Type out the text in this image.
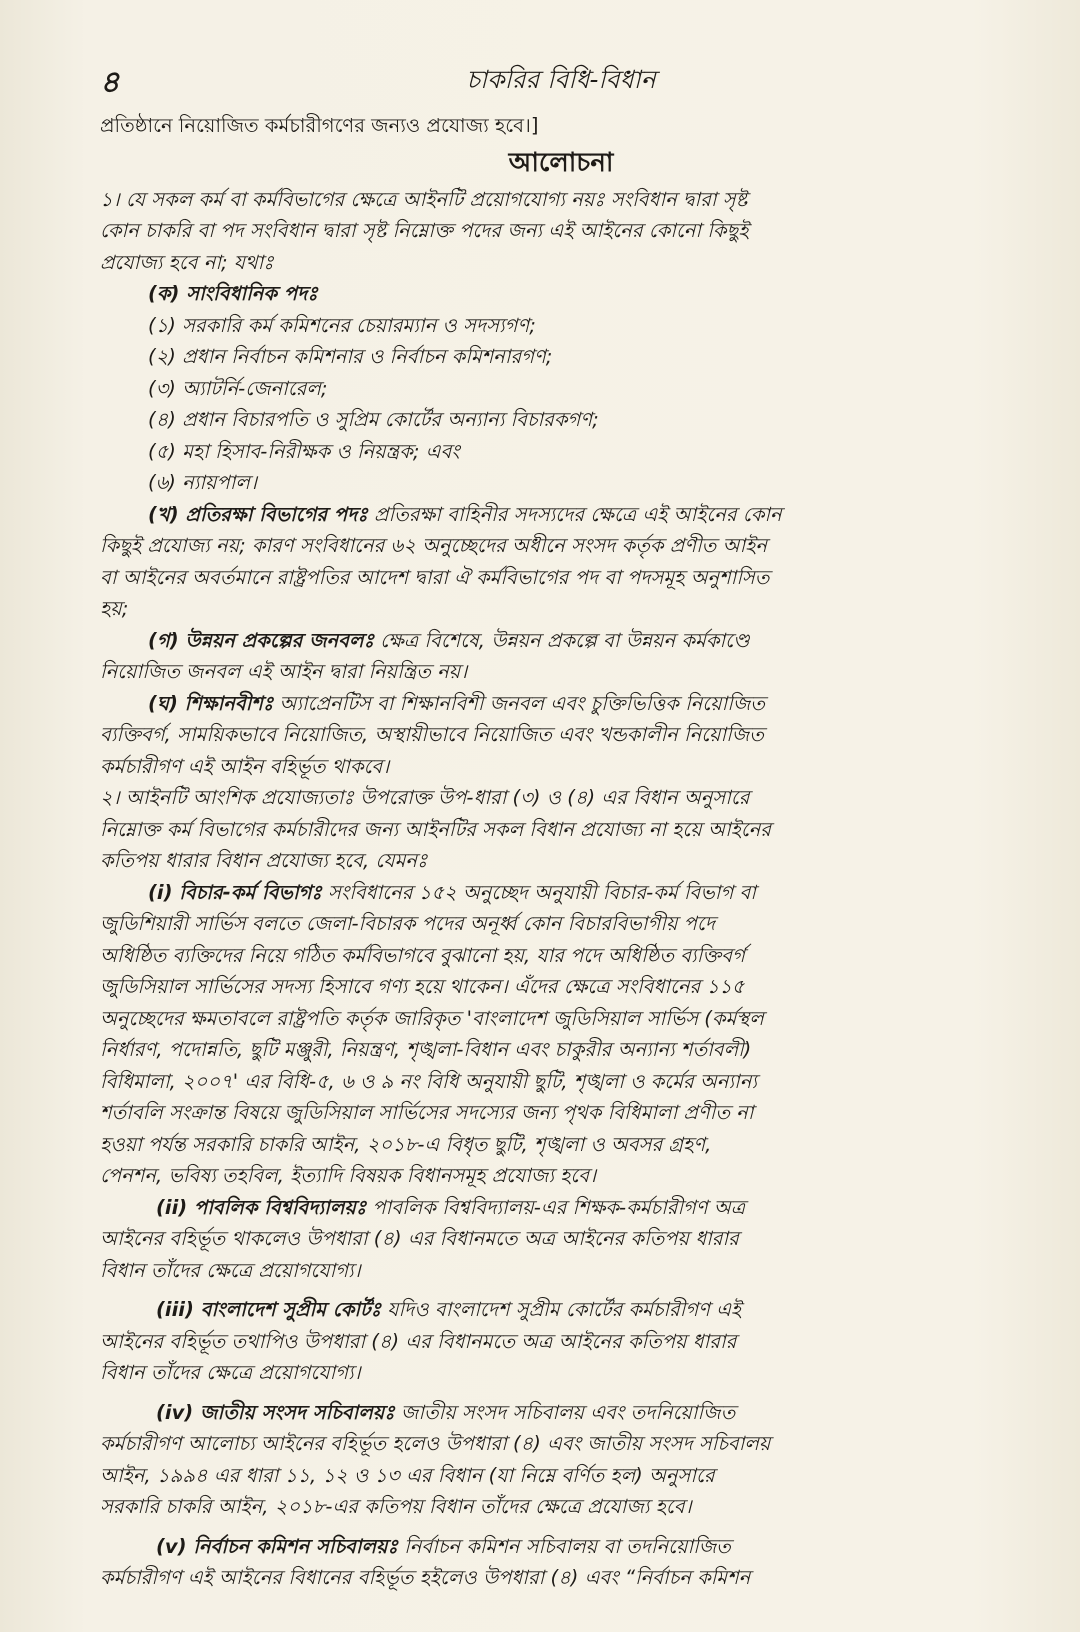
৪	চাকরির বিধি-বিধান
প্রতিষ্ঠানে নিয়োজিত কর্মচারীগণের জন্যও প্রযোজ্য হবে।]
আলোচনা
১। যে সকল কর্ম বা কর্মবিভাগের ক্ষেত্রে আইনটি প্রয়োগযোগ্য নয়ঃ সংবিধান দ্বারা সৃষ্ট
কোন চাকরি বা পদ সংবিধান দ্বারা সৃষ্ট নিম্নোক্ত পদের জন্য এই আইনের কোনো কিছুই
প্রযোজ্য হবে না; যথাঃ
(ক) সাংবিধানিক পদঃ
(১) সরকারি কর্ম কমিশনের চেয়ারম্যান ও সদস্যগণ;
(২) প্রধান নির্বাচন কমিশনার ও নির্বাচন কমিশনারগণ;
(৩) অ্যাটর্নি-জেনারেল;
(৪) প্রধান বিচারপতি ও সুপ্রিম কোর্টের অন্যান্য বিচারকগণ;
(৫) মহা হিসাব-নিরীক্ষক ও নিয়ন্ত্রক; এবং
(৬) ন্যায়পাল।
(খ) প্রতিরক্ষা বিভাগের পদঃ প্রতিরক্ষা বাহিনীর সদস্যদের ক্ষেত্রে এই আইনের কোন
কিছুই প্রযোজ্য নয়; কারণ সংবিধানের ৬২ অনুচ্ছেদের অধীনে সংসদ কর্তৃক প্রণীত আইন
বা আইনের অবর্তমানে রাষ্ট্রপতির আদেশ দ্বারা ঐ কর্মবিভাগের পদ বা পদসমূহ অনুশাসিত
হয়;
(গ) উন্নয়ন প্রকল্পের জনবলঃ ক্ষেত্র বিশেষে, উন্নয়ন প্রকল্পে বা উন্নয়ন কর্মকাণ্ডে
নিয়োজিত জনবল এই আইন দ্বারা নিয়ন্ত্রিত নয়।
(ঘ) শিক্ষানবীশঃ অ্যাপ্রেনটিস বা শিক্ষানবিশী জনবল এবং চুক্তিভিত্তিক নিয়োজিত
ব্যক্তিবর্গ, সাময়িকভাবে নিয়োজিত, অস্থায়ীভাবে নিয়োজিত এবং খন্ডকালীন নিয়োজিত
কর্মচারীগণ এই আইন বহির্ভূত থাকবে।
২। আইনটি আংশিক প্রযোজ্যতাঃ উপরোক্ত উপ-ধারা (৩) ও (৪) এর বিধান অনুসারে
নিম্নোক্ত কর্ম বিভাগের কর্মচারীদের জন্য আইনটির সকল বিধান প্রযোজ্য না হয়ে আইনের
কতিপয় ধারার বিধান প্রযোজ্য হবে, যেমনঃ
(i) বিচার-কর্ম বিভাগঃ সংবিধানের ১৫২ অনুচ্ছেদ অনুযায়ী বিচার-কর্ম বিভাগ বা
জুডিশিয়ারী সার্ভিস বলতে জেলা-বিচারক পদের অনূর্ধ্ব কোন বিচারবিভাগীয় পদে
অধিষ্ঠিত ব্যক্তিদের নিয়ে গঠিত কর্মবিভাগবে বুঝানো হয়, যার পদে অধিষ্ঠিত ব্যক্তিবর্গ
জুডিসিয়াল সার্ভিসের সদস্য হিসাবে গণ্য হয়ে থাকেন। এঁদের ক্ষেত্রে সংবিধানের ১১৫
অনুচ্ছেদের ক্ষমতাবলে রাষ্ট্রপতি কর্তৃক জারিকৃত 'বাংলাদেশ জুডিসিয়াল সার্ভিস (কর্মস্থল
নির্ধারণ, পদোন্নতি, ছুটি মঞ্জুরী, নিয়ন্ত্রণ, শৃঙ্খলা-বিধান এবং চাকুরীর অন্যান্য শর্তাবলী)
বিধিমালা, ২০০৭' এর বিধি-৫, ৬ ও ৯ নং বিধি অনুযায়ী ছুটি, শৃঙ্খলা ও কর্মের অন্যান্য
শর্তাবলি সংক্রান্ত বিষয়ে জুডিসিয়াল সার্ভিসের সদস্যের জন্য পৃথক বিধিমালা প্রণীত না
হওয়া পর্যন্ত সরকারি চাকরি আইন, ২০১৮-এ বিধৃত ছুটি, শৃঙ্খলা ও অবসর গ্রহণ,
পেনশন, ভবিষ্য তহবিল, ইত্যাদি বিষয়ক বিধানসমূহ প্রযোজ্য হবে।
(ii) পাবলিক বিশ্ববিদ্যালয়ঃ পাবলিক বিশ্ববিদ্যালয়-এর শিক্ষক-কর্মচারীগণ অত্র
আইনের বহির্ভূত থাকলেও উপধারা (৪) এর বিধানমতে অত্র আইনের কতিপয় ধারার
বিধান তাঁদের ক্ষেত্রে প্রয়োগযোগ্য।
(iii) বাংলাদেশ সুপ্রীম কোর্টঃ যদিও বাংলাদেশ সুপ্রীম কোর্টের কর্মচারীগণ এই
আইনের বহির্ভূত তথাপিও উপধারা (৪) এর বিধানমতে অত্র আইনের কতিপয় ধারার
বিধান তাঁদের ক্ষেত্রে প্রয়োগযোগ্য।
(iv) জাতীয় সংসদ সচিবালয়ঃ জাতীয় সংসদ সচিবালয় এবং তদনিয়োজিত
কর্মচারীগণ আলোচ্য আইনের বহির্ভূত হলেও উপধারা (৪) এবং জাতীয় সংসদ সচিবালয়
আইন, ১৯৯৪ এর ধারা ১১, ১২ ও ১৩ এর বিধান (যা নিম্নে বর্ণিত হল) অনুসারে
সরকারি চাকরি আইন, ২০১৮-এর কতিপয় বিধান তাঁদের ক্ষেত্রে প্রযোজ্য হবে।
(v) নির্বাচন কমিশন সচিবালয়ঃ নির্বাচন কমিশন সচিবালয় বা তদনিয়োজিত
কর্মচারীগণ এই আইনের বিধানের বহির্ভূত হইলেও উপধারা (৪) এবং “নির্বাচন কমিশন
